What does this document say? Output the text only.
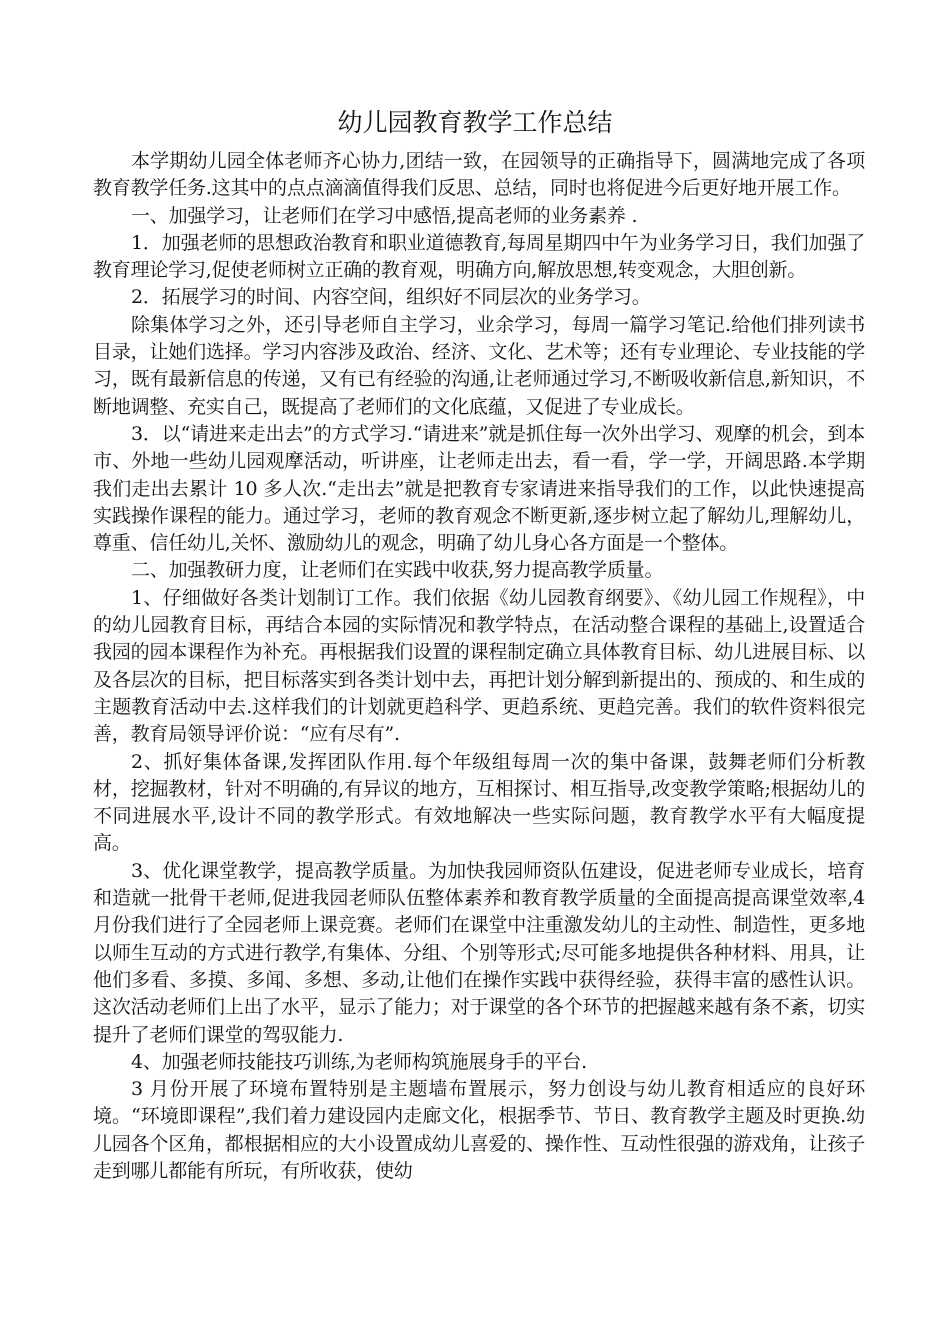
幼儿园教育教学工作总结

本学期幼儿园全体老师齐心协力,团结一致，在园领导的正确指导下，圆满地完成了各项教育教学任务.这其中的点点滴滴值得我们反思、总结，同时也将促进今后更好地开展工作。

一、加强学习，让老师们在学习中感悟,提高老师的业务素养 .

1．加强老师的思想政治教育和职业道德教育,每周星期四中午为业务学习日，我们加强了教育理论学习,促使老师树立正确的教育观，明确方向,解放思想,转变观念，大胆创新。

2．拓展学习的时间、内容空间，组织好不同层次的业务学习。

除集体学习之外，还引导老师自主学习，业余学习，每周一篇学习笔记.给他们排列读书目录，让她们选择。学习内容涉及政治、经济、文化、艺术等；还有专业理论、专业技能的学习，既有最新信息的传递，又有已有经验的沟通,让老师通过学习,不断吸收新信息,新知识，不断地调整、充实自己，既提高了老师们的文化底蕴，又促进了专业成长。

3．以“请进来走出去”的方式学习.“请进来”就是抓住每一次外出学习、观摩的机会，到本市、外地一些幼儿园观摩活动，听讲座，让老师走出去，看一看，学一学，开阔思路.本学期我们走出去累计 10 多人次.“走出去”就是把教育专家请进来指导我们的工作，以此快速提高实践操作课程的能力。通过学习，老师的教育观念不断更新,逐步树立起了解幼儿,理解幼儿，尊重、信任幼儿,关怀、激励幼儿的观念，明确了幼儿身心各方面是一个整体。

二、加强教研力度，让老师们在实践中收获,努力提高教学质量。

1、仔细做好各类计划制订工作。我们依据《幼儿园教育纲要》、《幼儿园工作规程》，中的幼儿园教育目标，再结合本园的实际情况和教学特点，在活动整合课程的基础上,设置适合我园的园本课程作为补充。再根据我们设置的课程制定确立具体教育目标、幼儿进展目标、以及各层次的目标，把目标落实到各类计划中去，再把计划分解到新提出的、预成的、和生成的主题教育活动中去.这样我们的计划就更趋科学、更趋系统、更趋完善。我们的软件资料很完善，教育局领导评价说：“应有尽有”.

2、抓好集体备课,发挥团队作用.每个年级组每周一次的集中备课，鼓舞老师们分析教材，挖掘教材，针对不明确的,有异议的地方，互相探讨、相互指导,改变教学策略;根据幼儿的不同进展水平,设计不同的教学形式。有效地解决一些实际问题，教育教学水平有大幅度提高。

3、优化课堂教学，提高教学质量。为加快我园师资队伍建设，促进老师专业成长，培育和造就一批骨干老师,促进我园老师队伍整体素养和教育教学质量的全面提高提高课堂效率,4 月份我们进行了全园老师上课竞赛。老师们在课堂中注重激发幼儿的主动性、制造性，更多地以师生互动的方式进行教学,有集体、分组、个别等形式;尽可能多地提供各种材料、用具，让他们多看、多摸、多闻、多想、多动,让他们在操作实践中获得经验，获得丰富的感性认识。这次活动老师们上出了水平，显示了能力；对于课堂的各个环节的把握越来越有条不紊，切实提升了老师们课堂的驾驭能力.

4、加强老师技能技巧训练,为老师构筑施展身手的平台.

3 月份开展了环境布置特别是主题墙布置展示，努力创设与幼儿教育相适应的良好环境。“环境即课程”,我们着力建设园内走廊文化，根据季节、节日、教育教学主题及时更换.幼儿园各个区角，都根据相应的大小设置成幼儿喜爱的、操作性、互动性很强的游戏角，让孩子走到哪儿都能有所玩，有所收获，使幼
